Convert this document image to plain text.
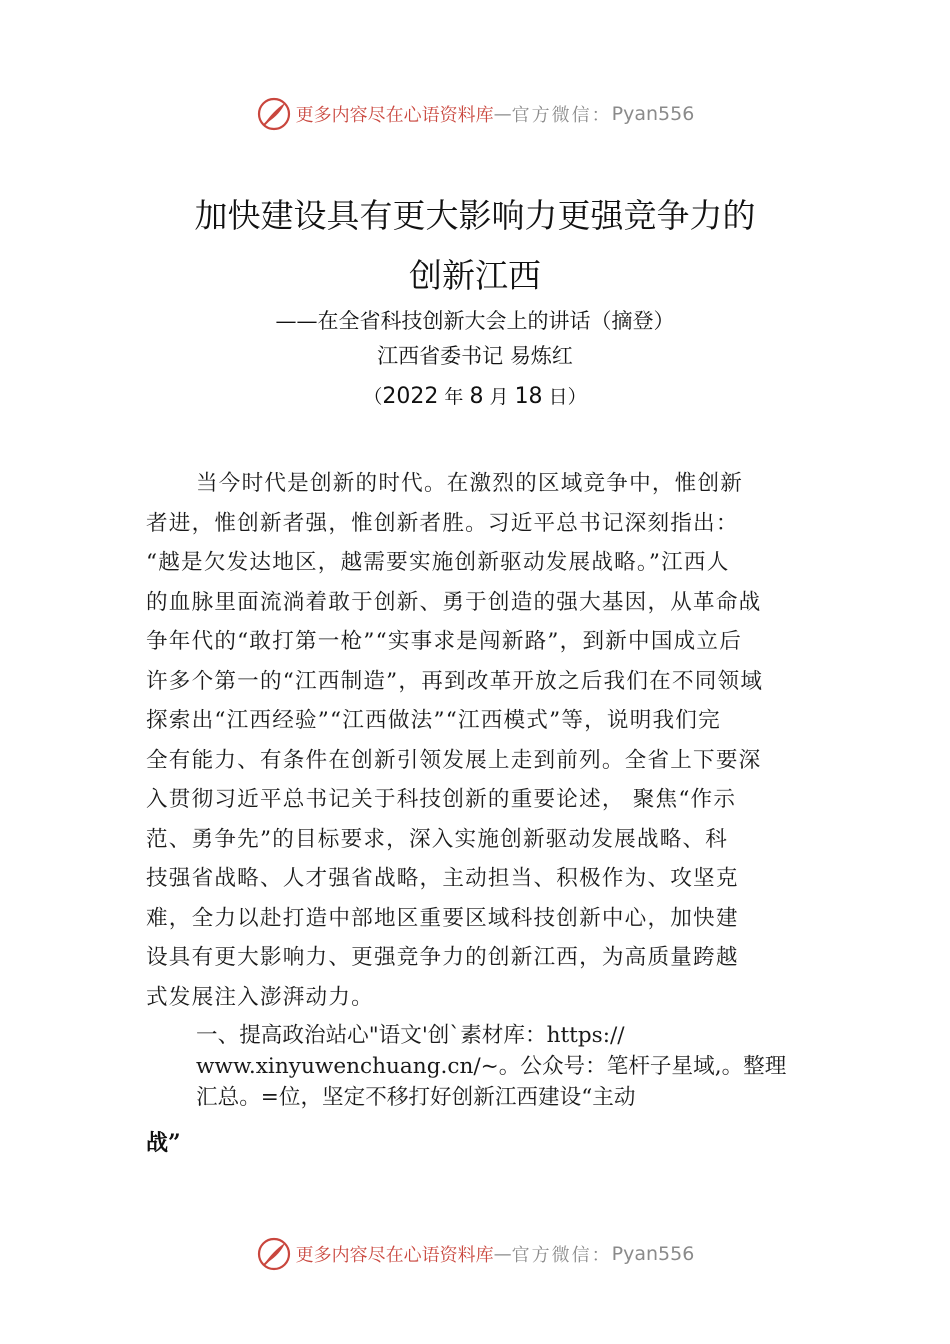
更多内容尽在心语资料库 — 官方微信： Pyan556
加快建设具有更大影响力更强竞争力的
创新江西
——在全省科技创新大会上的讲话（摘登）
江西省委书记 易炼红
（2022 年 8 月 18 日）
当今时代是创新的时代。在激烈的区域竞争中，惟创新
者进，惟创新者强，惟创新者胜。习近平总书记深刻指出：
“越是欠发达地区，越需要实施创新驱动发展战略。”江西人
的血脉里面流淌着敢于创新、勇于创造的强大基因，从革命战
争年代的“敢打第一枪”“实事求是闯新路”，到新中国成立后
许多个第一的“江西制造”，再到改革开放之后我们在不同领域
探索出“江西经验”“江西做法”“江西模式”等，说明我们完
全有能力、有条件在创新引领发展上走到前列。全省上下要深
入贯彻习近平总书记关于科技创新的重要论述， 聚焦“作示
范、勇争先”的目标要求，深入实施创新驱动发展战略、科
技强省战略、人才强省战略，主动担当、积极作为、攻坚克
难，全力以赴打造中部地区重要区域科技创新中心，加快建
设具有更大影响力、更强竞争力的创新江西，为高质量跨越
式发展注入澎湃动力。
一、提高政治站心"语文'创`素材库：https://
www.xinyuwenchuang.cn/~。公众号：笔杆子星域,。整理
汇总。=位，坚定不移打好创新江西建设“主动
战”
更多内容尽在心语资料库 — 官方微信： Pyan556
